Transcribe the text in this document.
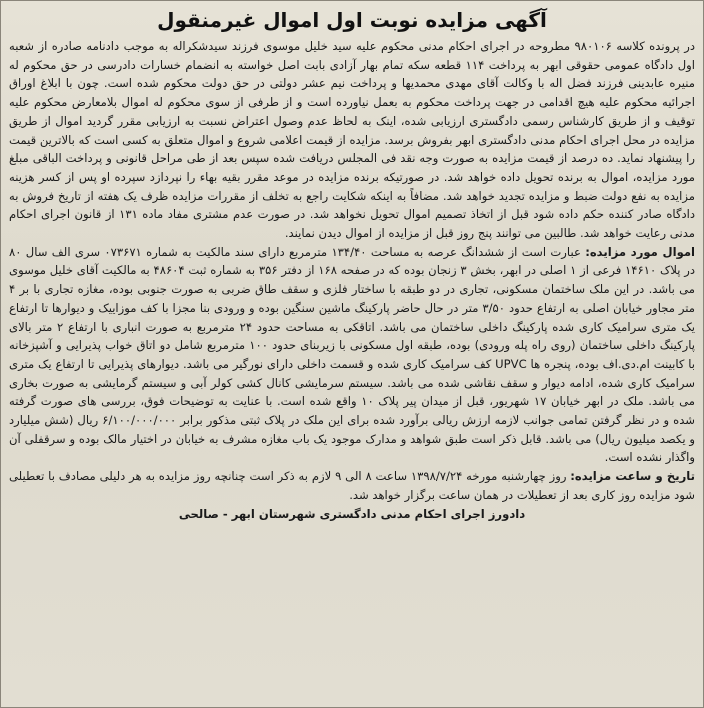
آگهی مزایده نوبت اول اموال غیرمنقول

در پرونده کلاسه ۹۸۰۱۰۶ مطروحه در اجرای احکام مدنی محکوم علیه سید خلیل موسوی فرزند سیدشکراله به موجب دادنامه صادره از شعبه اول دادگاه عمومی حقوقی ابهر به پرداخت ۱۱۴ قطعه سکه تمام بهار آزادی بابت اصل خواسته به انضمام خسارات دادرسی در حق محکوم له منیره عابدینی فرزند فضل اله با وکالت آقای مهدی محمدیها و پرداخت نیم عشر دولتی در حق دولت محکوم شده است. چون با ابلاغ اوراق اجرائیه محکوم علیه هیچ اقدامی در جهت پرداخت محکوم به بعمل نیاورده است و از طرفی از سوی محکوم له اموال بلامعارض محکوم علیه توقیف و از طریق کارشناس رسمی دادگستری ارزیابی شده، اینک به لحاظ عدم وصول اعتراض نسبت به ارزیابی مقرر گردید اموال از طریق مزایده در محل اجرای احکام مدنی دادگستری ابهر بفروش برسد. مزایده از قیمت اعلامی شروع و اموال متعلق به کسی است که بالاترین قیمت را پیشنهاد نماید. ده درصد از قیمت مزایده به صورت وجه نقد فی المجلس دریافت شده سپس بعد از طی مراحل قانونی و پرداخت الباقی مبلغ مورد مزایده، اموال به برنده تحویل داده خواهد شد. در صورتیکه برنده مزایده در موعد مقرر بقیه بهاء را نپردازد سپرده او پس از کسر هزینه مزایده به نفع دولت ضبط و مزایده تجدید خواهد شد. مضافاً به اینکه شکایت راجع به تخلف از مقررات مزایده ظرف یک هفته از تاریخ فروش به دادگاه صادر کننده حکم داده شود قبل از اتخاذ تصمیم اموال تحویل نخواهد شد. در صورت عدم مشتری مفاد ماده ۱۳۱ از قانون اجرای احکام مدنی رعایت خواهد شد. طالبین می توانند پنج روز قبل از مزایده از اموال دیدن نمایند.

اموال مورد مزایده: عبارت است از ششدانگ عرصه به مساحت ۱۳۴/۴۰ مترمربع دارای سند مالکیت به شماره ۰۷۳۶۷۱ سری الف سال ۸۰ در پلاک ۱۴۶۱۰ فرعی از ۱ اصلی در ابهر، بخش ۳ زنجان بوده که در صفحه ۱۶۸ از دفتر ۳۵۶ به شماره ثبت ۴۸۶۰۴ به مالکیت آقای خلیل موسوی می باشد. در این ملک ساختمان مسکونی، تجاری در دو طبقه با ساختار فلزی و سقف طاق ضربی به صورت جنوبی بوده، مغازه تجاری با بر ۴ متر مجاور خیابان اصلی به ارتفاع حدود ۳/۵۰ متر در حال حاضر پارکینگ ماشین سنگین بوده و ورودی بنا مجزا با کف موزاییک و دیوارها تا ارتفاع یک متری سرامیک کاری شده پارکینگ داخلی ساختمان می باشد. اتاقکی به مساحت حدود ۲۴ مترمربع به صورت انباری با ارتفاع ۲ متر بالای پارکینگ داخلی ساختمان (روی راه پله ورودی) بوده، طبقه اول مسکونی با زیربنای حدود ۱۰۰ مترمربع شامل دو اتاق خواب پذیرایی و آشپزخانه با کابینت ام.دی.اف بوده، پنجره ها UPVC کف سرامیک کاری شده و قسمت داخلی دارای نورگیر می باشد. دیوارهای پذیرایی تا ارتفاع یک متری سرامیک کاری شده، ادامه دیوار و سقف نقاشی شده می باشد. سیستم سرمایشی کانال کشی کولر آبی و سیستم گرمایشی به صورت بخاری می باشد. ملک در ابهر خیابان ۱۷ شهریور، قبل از میدان پیر پلاک ۱۰ واقع شده است. با عنایت به توضیحات فوق، بررسی های صورت گرفته شده و در نظر گرفتن تمامی جوانب لازمه ارزش ریالی برآورد شده برای این ملک در پلاک ثبتی مذکور برابر ۶/۱۰۰/۰۰۰/۰۰۰ ریال (شش میلیارد و یکصد میلیون ریال) می باشد. قابل ذکر است طبق شواهد و مدارک موجود یک باب مغازه مشرف به خیابان در اختیار مالک بوده و سرقفلی آن واگذار نشده است.

تاریخ و ساعت مزایده: روز چهارشنبه مورخه ۱۳۹۸/۷/۲۴ ساعت ۸ الی ۹ لازم به ذکر است چنانچه روز مزایده به هر دلیلی مصادف با تعطیلی شود مزایده روز کاری بعد از تعطیلات در همان ساعت برگزار خواهد شد.

دادورز اجرای احکام مدنی دادگستری شهرستان ابهر - صالحی
